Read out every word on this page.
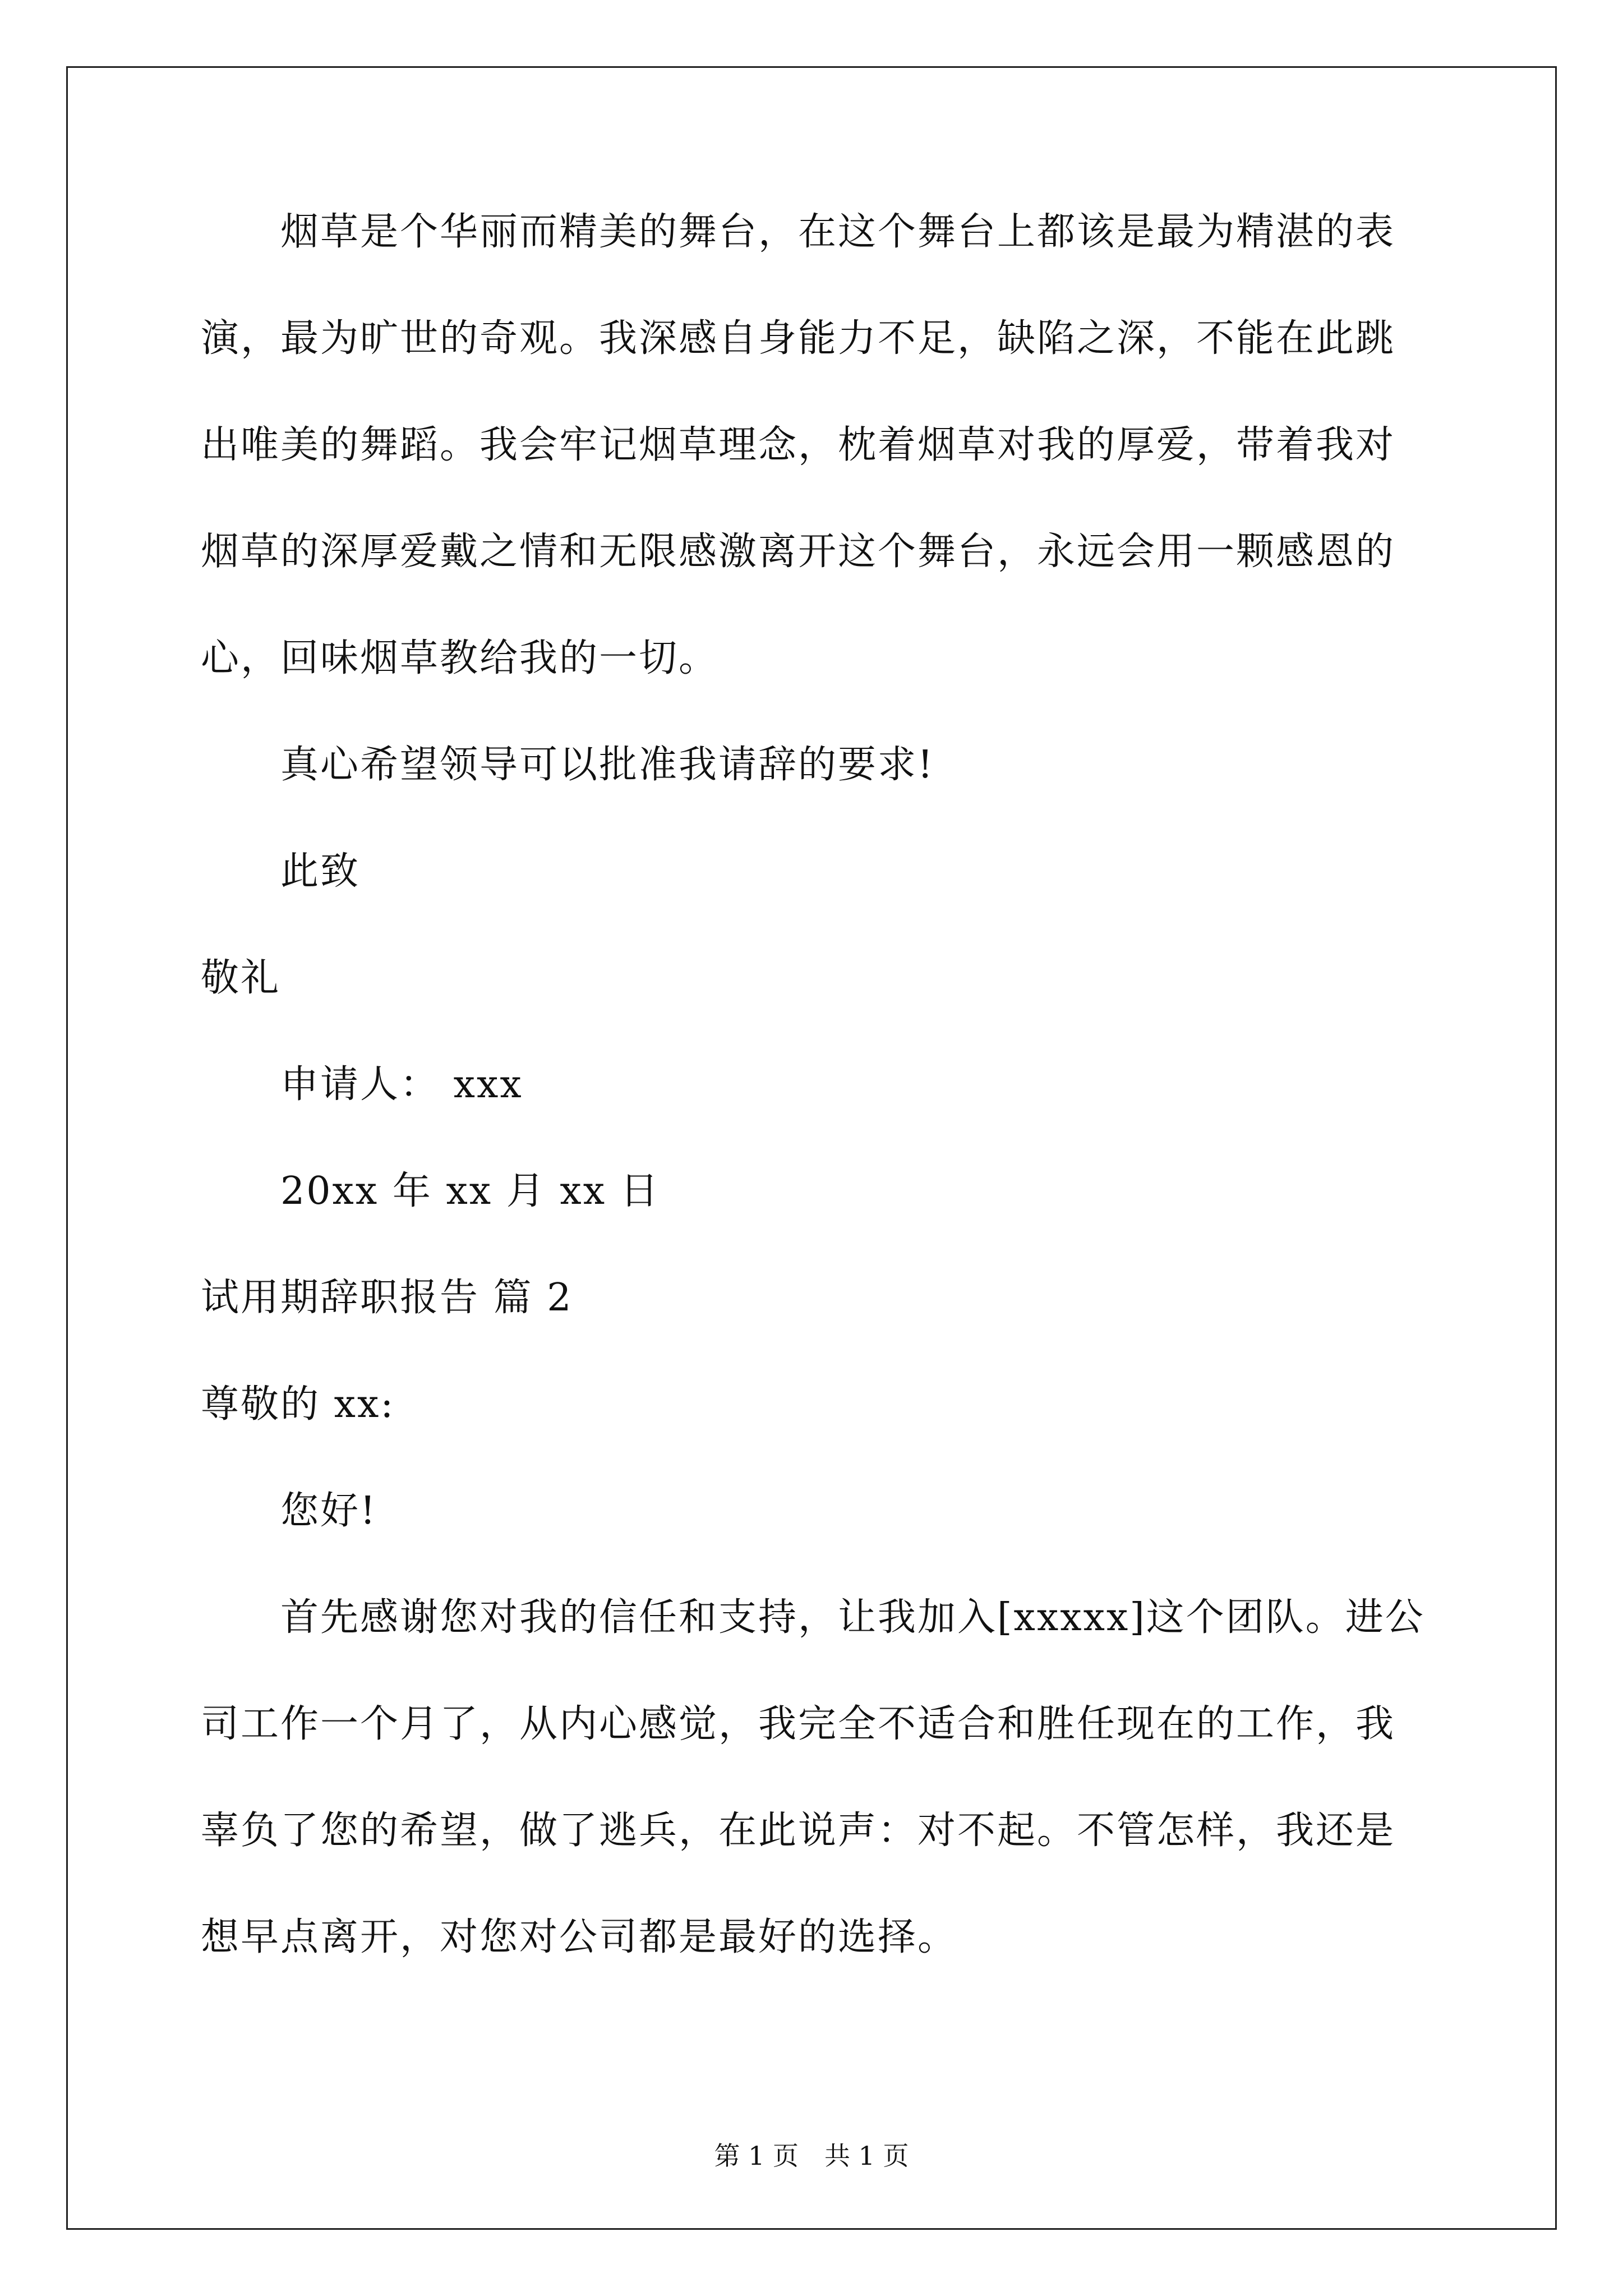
　　烟草是个华丽而精美的舞台，在这个舞台上都该是最为精湛的表
演，最为旷世的奇观。我深感自身能力不足，缺陷之深，不能在此跳
出唯美的舞蹈。我会牢记烟草理念，枕着烟草对我的厚爱，带着我对
烟草的深厚爱戴之情和无限感激离开这个舞台，永远会用一颗感恩的
心，回味烟草教给我的一切。
　　真心希望领导可以批准我请辞的要求!
　　此致
敬礼
　　申请人： xxx
　　20xx 年 xx 月 xx 日
试用期辞职报告 篇 2
尊敬的 xx:
　　您好!
　　首先感谢您对我的信任和支持，让我加入[xxxxx]这个团队。进公
司工作一个月了，从内心感觉，我完全不适合和胜任现在的工作，我
辜负了您的希望，做了逃兵，在此说声：对不起。不管怎样，我还是
想早点离开，对您对公司都是最好的选择。
第 1 页　共 1 页
